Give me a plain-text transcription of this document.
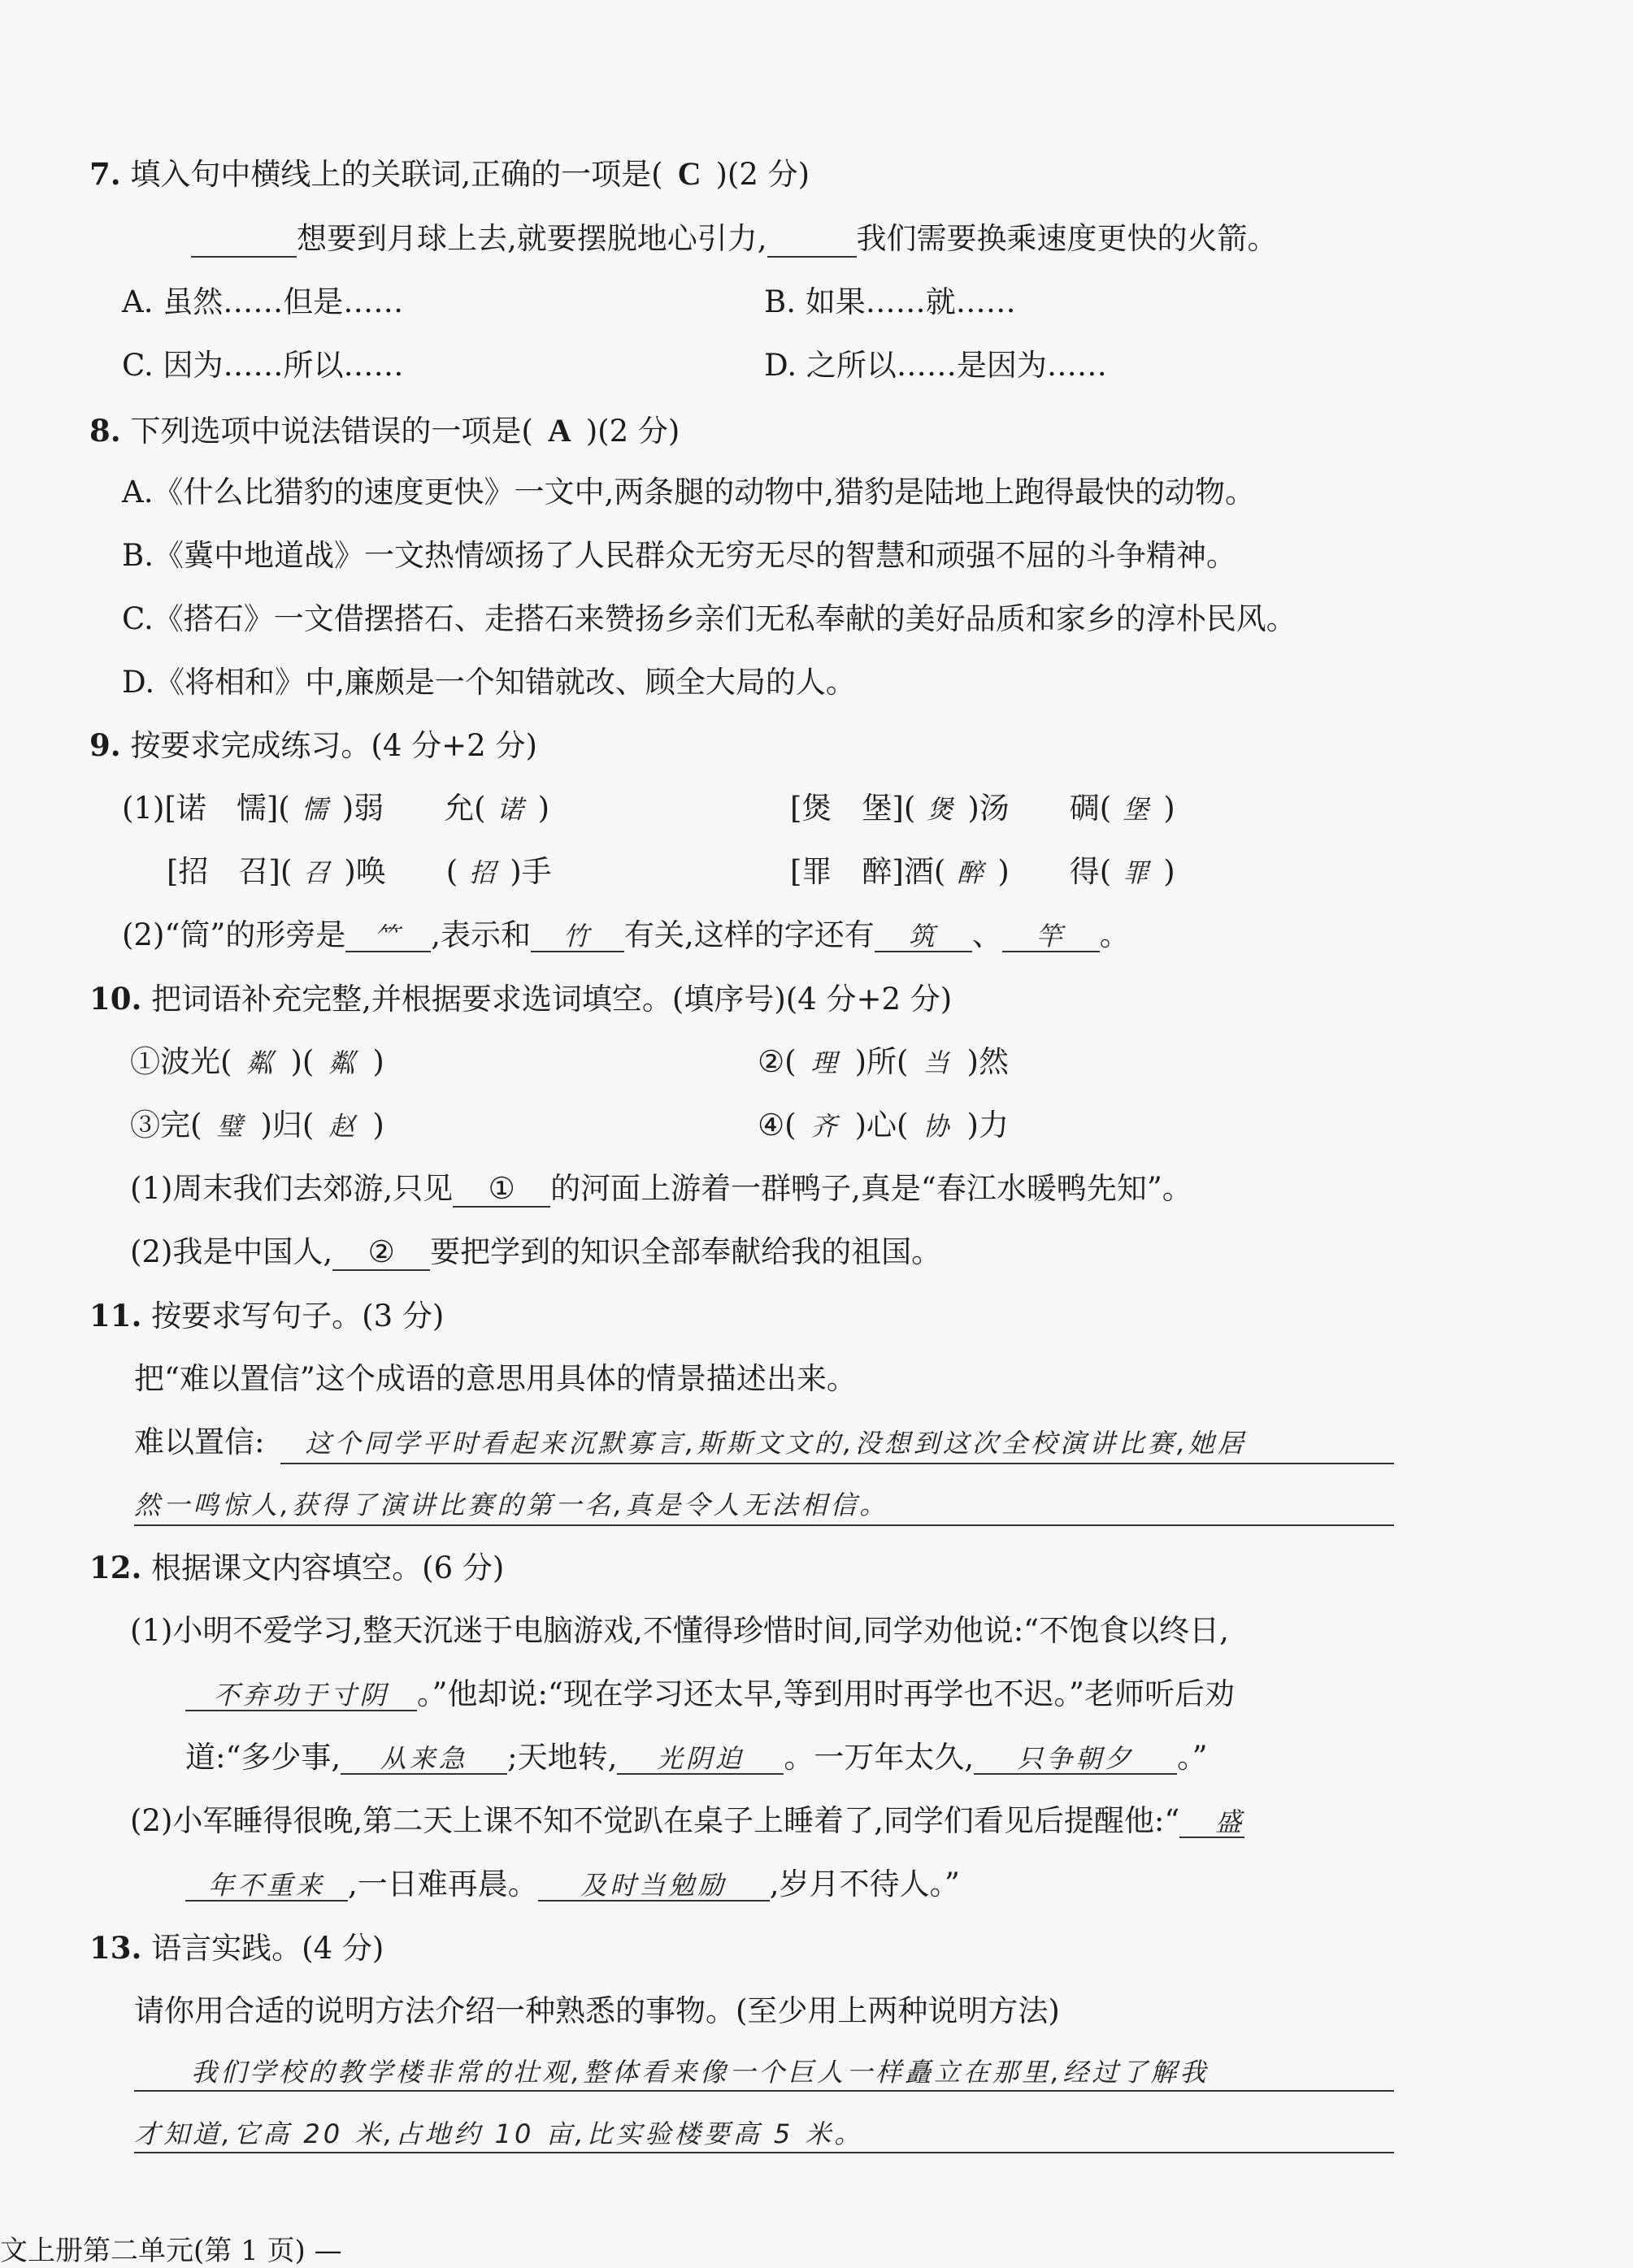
7. 填入句中横线上的关联词,正确的一项是( C )(2 分)
想要到月球上去,就要摆脱地心引力,	我们需要换乘速度更快的火箭。
A. 虽然……但是……	B. 如果……就……
C. 因为……所以……	D. 之所以……是因为……
8. 下列选项中说法错误的一项是( A )(2 分)
A.《什么比猎豹的速度更快》一文中,两条腿的动物中,猎豹是陆地上跑得最快的动物。
B.《冀中地道战》一文热情颂扬了人民群众无穷无尽的智慧和顽强不屈的斗争精神。
C.《搭石》一文借摆搭石、走搭石来赞扬乡亲们无私奉献的美好品质和家乡的淳朴民风。
D.《将相和》中,廉颇是一个知错就改、顾全大局的人。
9. 按要求完成练习。(4 分+2 分)
(1)[诺　懦]( 懦 )弱　　允( 诺 )	[煲　堡]( 煲 )汤　　碉( 堡 )
[招　召]( 召 )唤　　( 招 )手	[罪　醉]酒( 醉 )　　得( 罪 )
(2)“筒”的形旁是 ⺮ ,表示和 竹 有关,这样的字还有 筑 、 竿 。
10. 把词语补充完整,并根据要求选词填空。(填序号)(4 分+2 分)
①波光( 粼 )( 粼 )	②( 理 )所( 当 )然
③完( 璧 )归( 赵 )	④( 齐 )心( 协 )力
(1)周末我们去郊游,只见 ① 的河面上游着一群鸭子,真是“春江水暖鸭先知”。
(2)我是中国人, ② 要把学到的知识全部奉献给我的祖国。
11. 按要求写句子。(3 分)
把“难以置信”这个成语的意思用具体的情景描述出来。
难以置信: 这个同学平时看起来沉默寡言,斯斯文文的,没想到这次全校演讲比赛,她居
然一鸣惊人,获得了演讲比赛的第一名,真是令人无法相信。
12. 根据课文内容填空。(6 分)
(1)小明不爱学习,整天沉迷于电脑游戏,不懂得珍惜时间,同学劝他说:“不饱食以终日,
不弃功于寸阴 。”他却说:“现在学习还太早,等到用时再学也不迟。”老师听后劝
道:“多少事, 从来急 ;天地转, 光阴迫 。一万年太久, 只争朝夕 。”
(2)小军睡得很晚,第二天上课不知不觉趴在桌子上睡着了,同学们看见后提醒他:“ 盛
年不重来 ,一日难再晨。 及时当勉励 ,岁月不待人。”
13. 语言实践。(4 分)
请你用合适的说明方法介绍一种熟悉的事物。(至少用上两种说明方法)
我们学校的教学楼非常的壮观,整体看来像一个巨人一样矗立在那里,经过了解我
才知道,它高 20 米,占地约 10 亩,比实验楼要高 5 米。
文上册第二单元(第 1 页) —
